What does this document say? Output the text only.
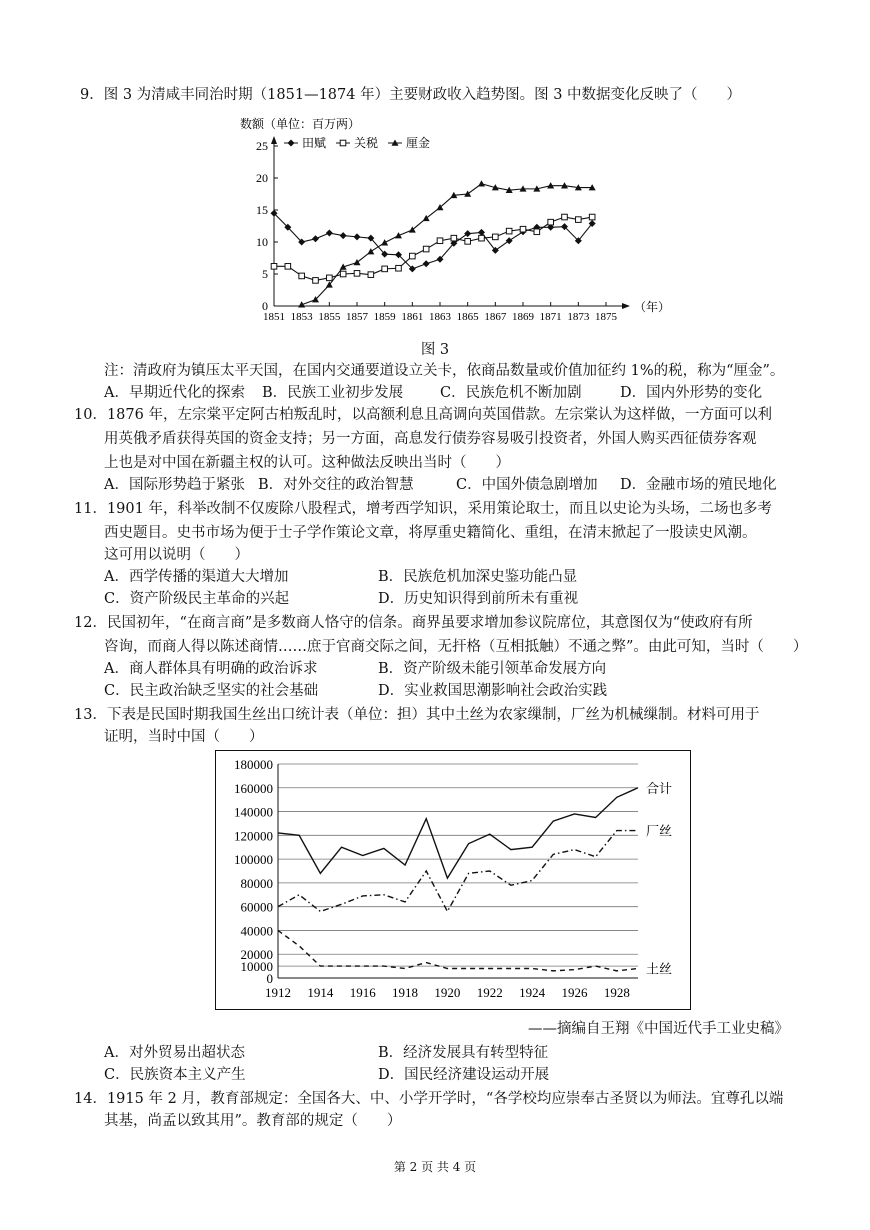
9．图 3 为清咸丰同治时期（1851—1874 年）主要财政收入趋势图。图 3 中数据变化反映了（　　）
数额（单位：百万两）
（年）
0
5
10
15
20
25
1851 1853 1855 1857 1859 1861 1863 1865 1867 1869 1871 1873 1875
田赋 关税 厘金
图 3
注：清政府为镇压太平天国，在国内交通要道设立关卡，依商品数量或价值加征约 1%的税，称为“厘金”。
A．早期近代化的探索 B．民族工业初步发展	C．民族危机不断加剧	D．国内外形势的变化
10．1876 年，左宗棠平定阿古柏叛乱时，以高额利息且高调向英国借款。左宗棠认为这样做，一方面可以利
用英俄矛盾获得英国的资金支持；另一方面，高息发行债券容易吸引投资者，外国人购买西征债券客观
上也是对中国在新疆主权的认可。这种做法反映出当时（　　）
A．国际形势趋于紧张 B．对外交往的政治智慧	C．中国外债急剧增加 D．金融市场的殖民地化
11．1901 年，科举改制不仅废除八股程式，增考西学知识，采用策论取士，而且以史论为头场，二场也多考
西史题目。史书市场为便于士子学作策论文章，将厚重史籍简化、重组，在清末掀起了一股读史风潮。
这可用以说明（　　）
A．西学传播的渠道大大增加	B．民族危机加深史鉴功能凸显
C．资产阶级民主革命的兴起	D．历史知识得到前所未有重视
12．民国初年，“在商言商”是多数商人恪守的信条。商界虽要求增加参议院席位，其意图仅为“使政府有所
咨询，而商人得以陈述商情……庶于官商交际之间，无扞格（互相抵触）不通之弊”。由此可知，当时（　　）
A．商人群体具有明确的政治诉求	B．资产阶级未能引领革命发展方向
C．民主政治缺乏坚实的社会基础	D．实业救国思潮影响社会政治实践
13．下表是民国时期我国生丝出口统计表（单位：担）其中土丝为农家缫制，厂丝为机械缫制。材料可用于
证明，当时中国（　　）
0
10000
20000
40000
60000
80000
100000
120000
140000
160000
180000
1912 1914 1916 1918 1920 1922 1924 1926 1928
合计
厂丝
土丝
——摘编自王翔《中国近代手工业史稿》
A．对外贸易出超状态	B．经济发展具有转型特征
C．民族资本主义产生	D．国民经济建设运动开展
14．1915 年 2 月，教育部规定：全国各大、中、小学开学时，“各学校均应崇奉古圣贤以为师法。宜尊孔以端
其基，尚孟以致其用”。教育部的规定（　　）
第 2 页 共 4 页
